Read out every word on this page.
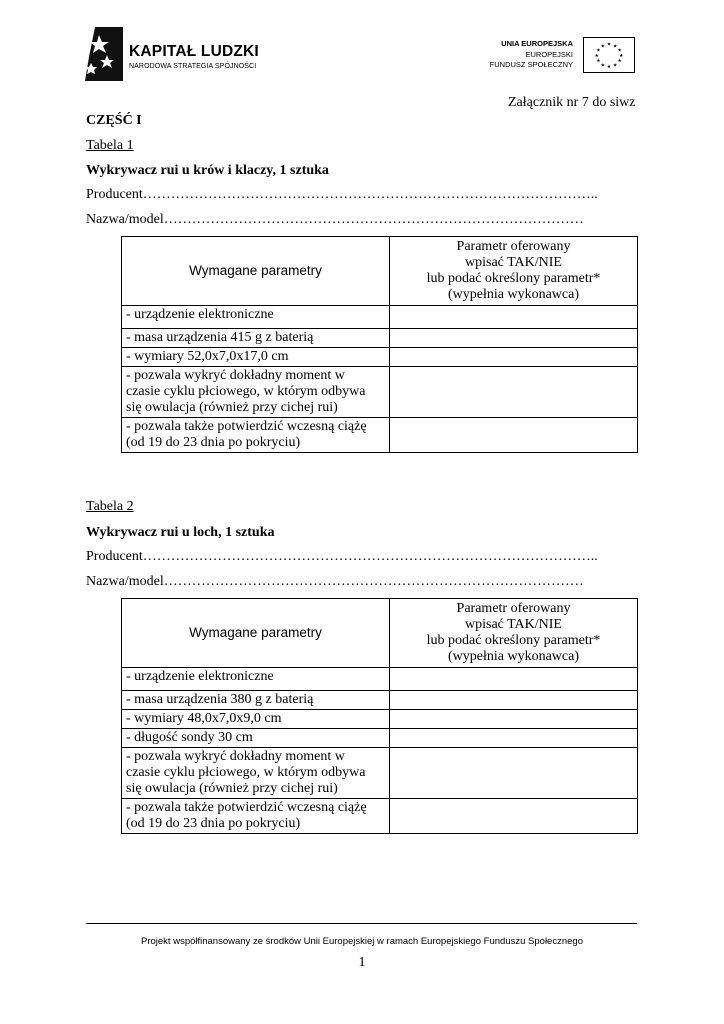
KAPITAŁ LUDZKI
NARODOWA STRATEGIA SPÓJNOŚCI
UNIA EUROPEJSKA
EUROPEJSKI
FUNDUSZ SPOŁECZNY
★ ★
★
★
★
★
★
★
★
★
★
★
Załącznik nr 7 do siwz
CZĘŚĆ I
Tabela 1
Wykrywacz rui u krów i klaczy, 1 sztuka
Producent……………………………………………………………………………………..
Nazwa/model………………………………………………………………………………
Wymagane parametry	Parametr oferowany
wpisać TAK/NIE
lub podać określony parametr*
(wypełnia wykonawca)

- urządzenie elektroniczne	

- masa urządzenia 415 g z baterią	

- wymiary 52,0x7,0x17,0 cm	

- pozwala wykryć dokładny moment w
czasie cyklu płciowego, w którym odbywa
się owulacja (również przy cichej rui)	

- pozwala także potwierdzić wczesną ciążę
(od 19 do 23 dnia po pokryciu)	

Tabela 2
Wykrywacz rui u loch, 1 sztuka
Producent……………………………………………………………………………………..
Nazwa/model………………………………………………………………………………
Wymagane parametry	Parametr oferowany
wpisać TAK/NIE
lub podać określony parametr*
(wypełnia wykonawca)

- urządzenie elektroniczne	

- masa urządzenia 380 g z baterią	

- wymiary 48,0x7,0x9,0 cm	

- długość sondy 30 cm	

- pozwala wykryć dokładny moment w
czasie cyklu płciowego, w którym odbywa
się owulacja (również przy cichej rui)	

- pozwala także potwierdzić wczesną ciążę
(od 19 do 23 dnia po pokryciu)	

Projekt współfinansowany ze środków Unii Europejskiej w ramach Europejskiego Funduszu Społecznego
1
